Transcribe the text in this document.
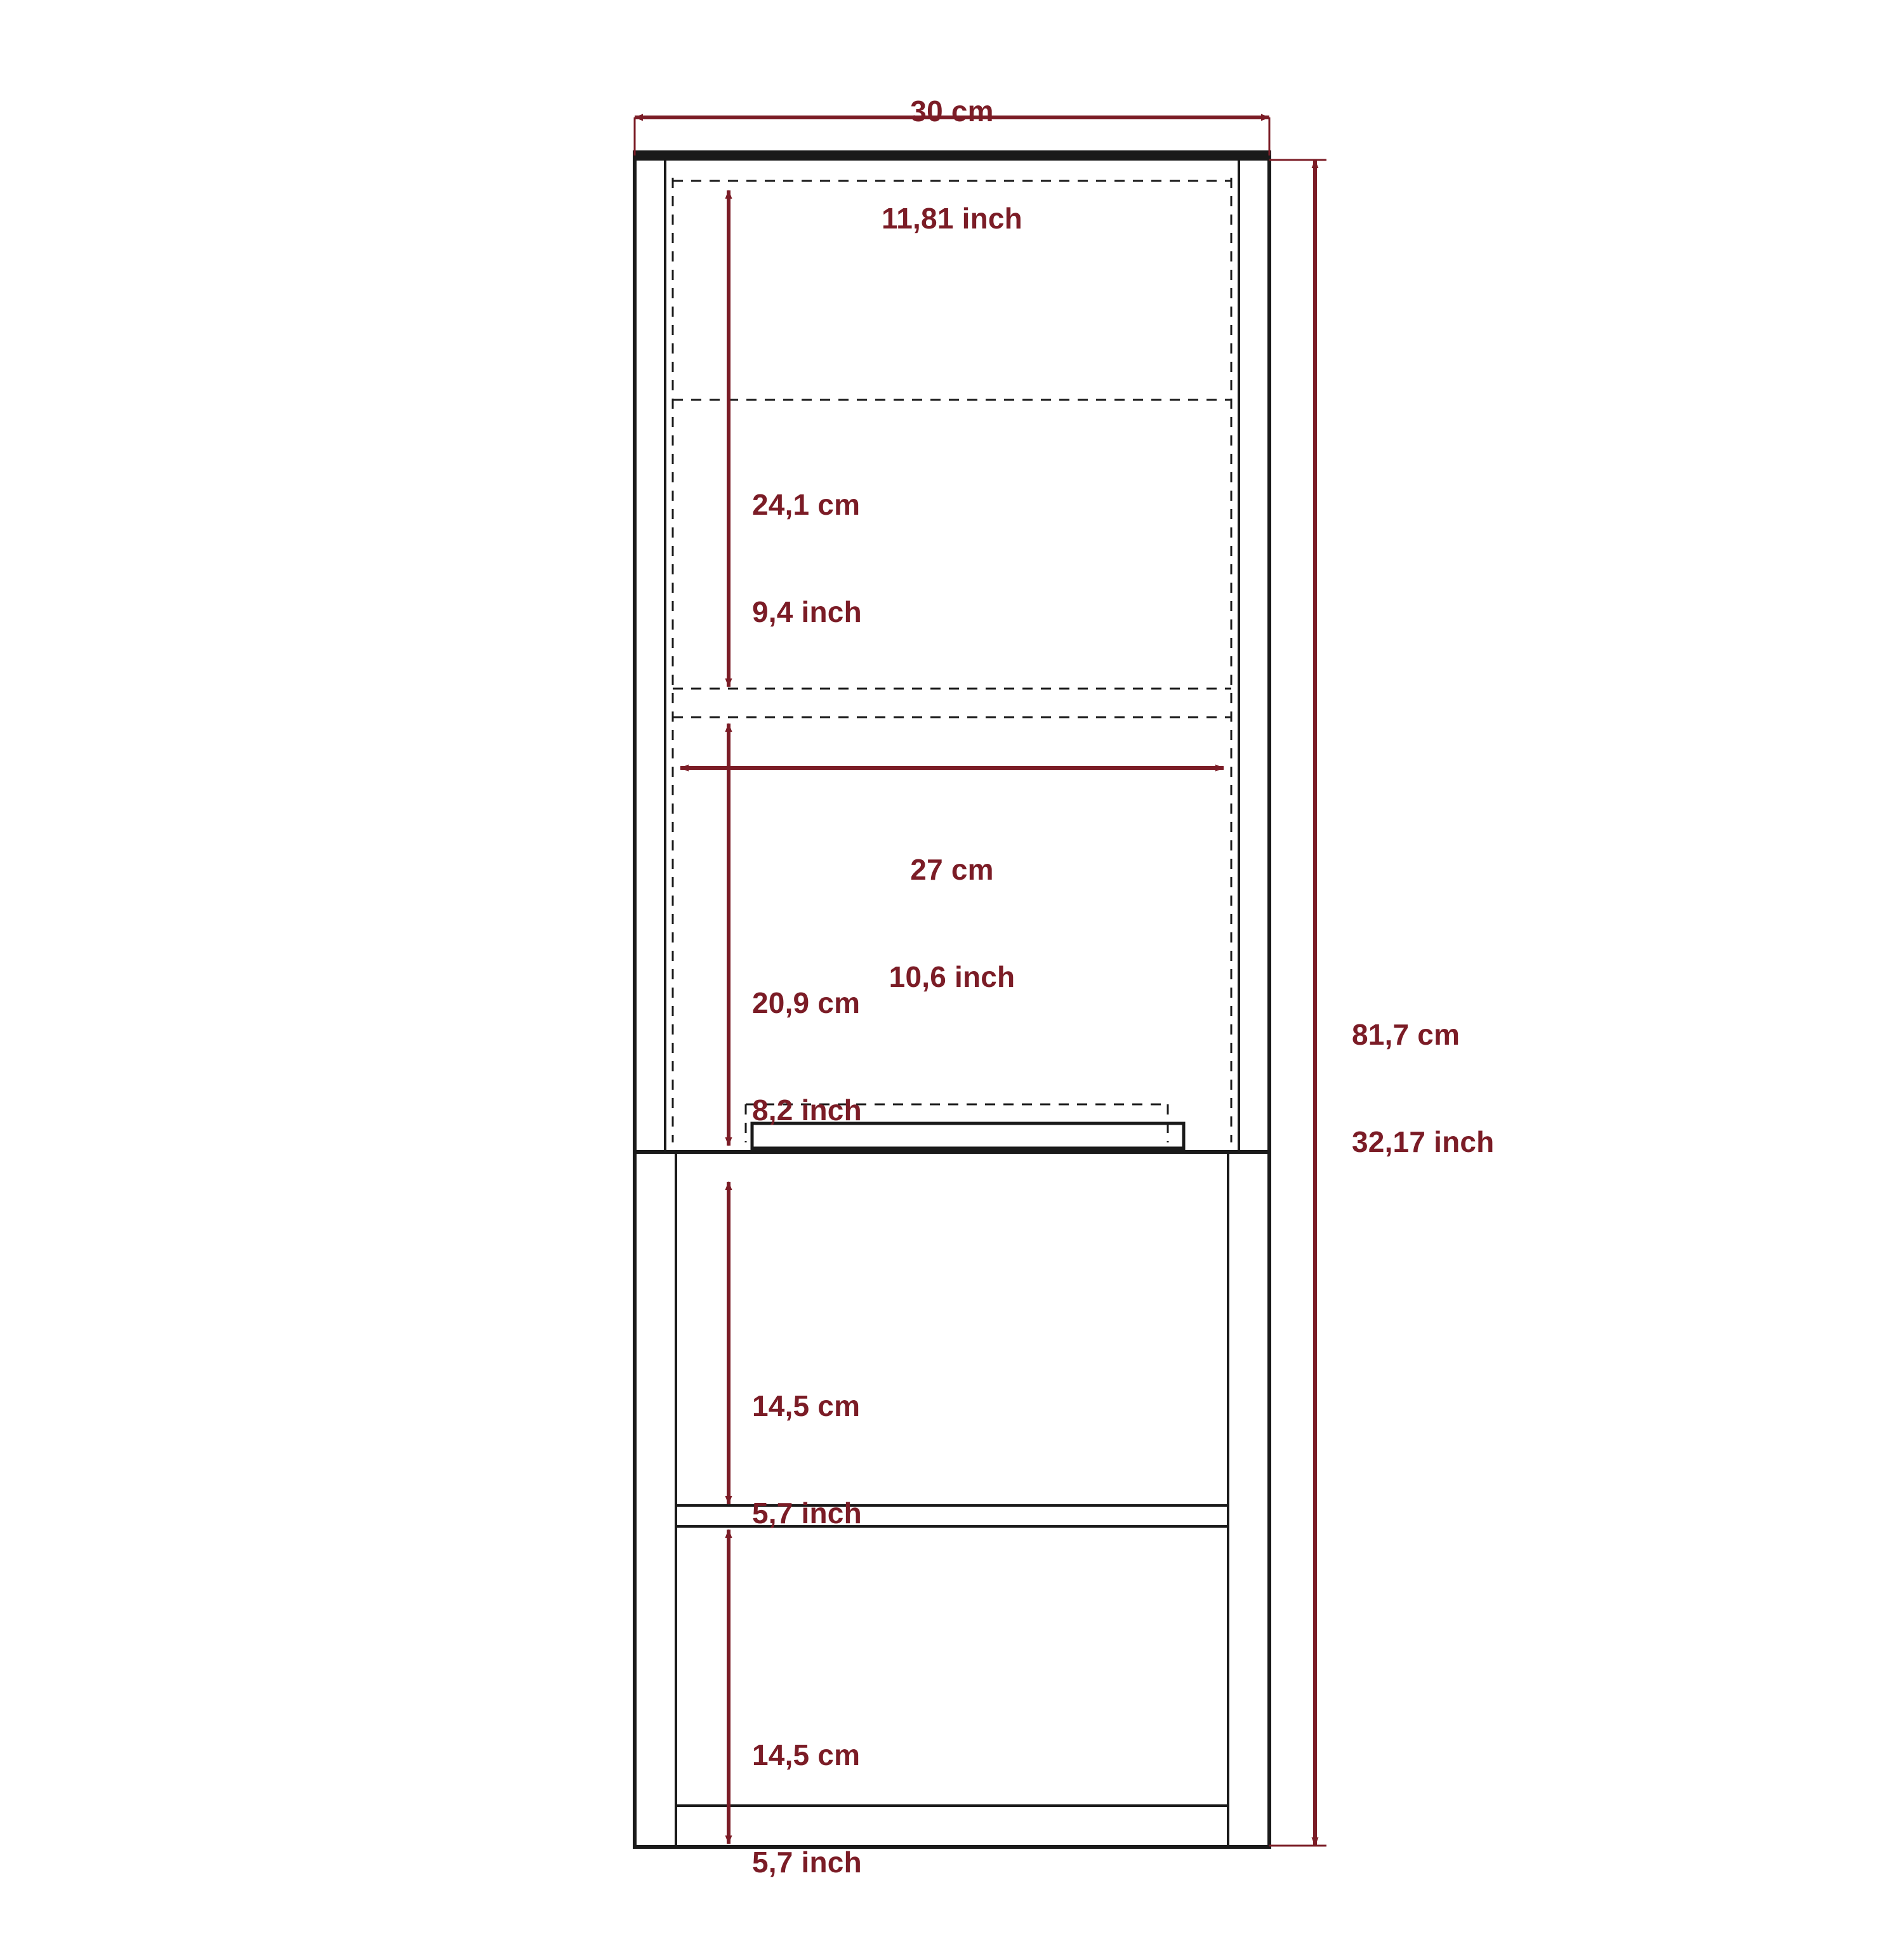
30 cm

11,81 inch

81,7 cm

32,17 inch

24,1 cm

9,4 inch

27 cm

10,6 inch

20,9 cm

8,2 inch

14,5 cm

5,7 inch

14,5 cm

5,7 inch
